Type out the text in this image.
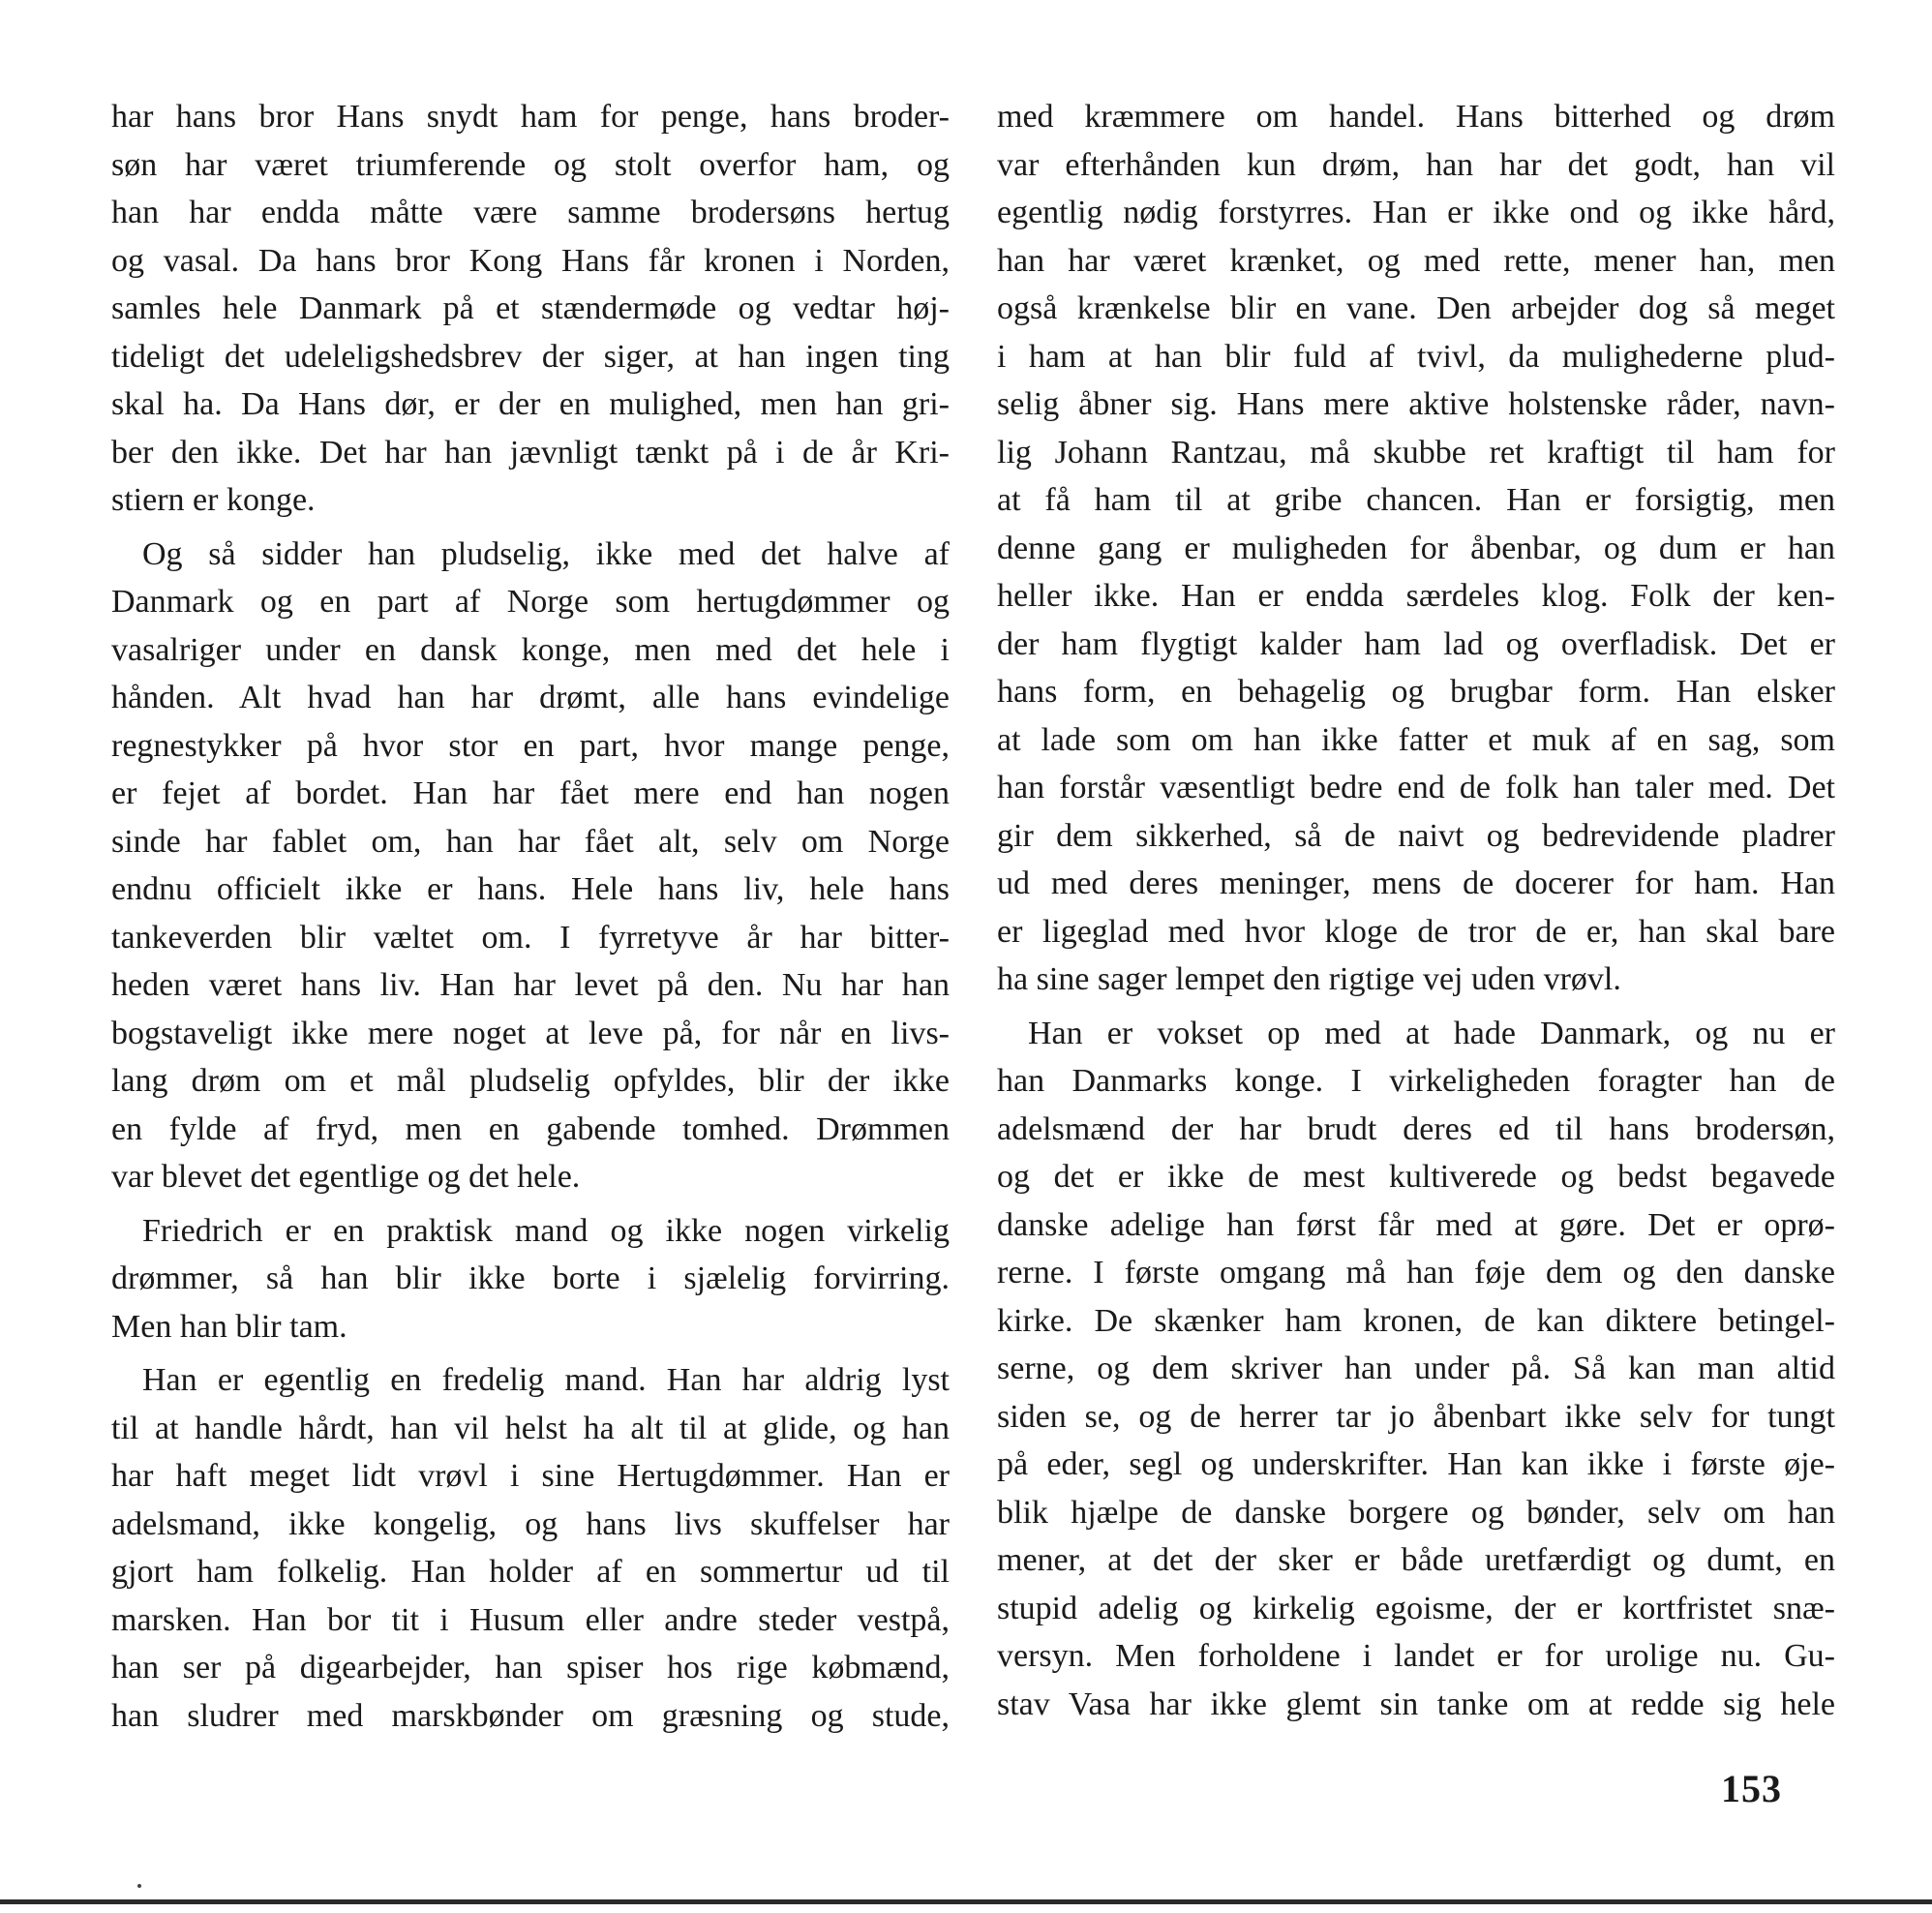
har hans bror Hans snydt ham for penge, hans broder-
søn har været triumferende og stolt overfor ham, og
han har endda måtte være samme brodersøns hertug
og vasal. Da hans bror Kong Hans får kronen i Norden,
samles hele Danmark på et stændermøde og vedtar høj-
tideligt det udeleligshedsbrev der siger, at han ingen ting
skal ha. Da Hans dør, er der en mulighed, men han gri-
ber den ikke. Det har han jævnligt tænkt på i de år Kri-
stiern er konge.
Og så sidder han pludselig, ikke med det halve af
Danmark og en part af Norge som hertugdømmer og
vasalriger under en dansk konge, men med det hele i
hånden. Alt hvad han har drømt, alle hans evindelige
regnestykker på hvor stor en part, hvor mange penge,
er fejet af bordet. Han har fået mere end han nogen
sinde har fablet om, han har fået alt, selv om Norge
endnu officielt ikke er hans. Hele hans liv, hele hans
tankeverden blir væltet om. I fyrretyve år har bitter-
heden været hans liv. Han har levet på den. Nu har han
bogstaveligt ikke mere noget at leve på, for når en livs-
lang drøm om et mål pludselig opfyldes, blir der ikke
en fylde af fryd, men en gabende tomhed. Drømmen
var blevet det egentlige og det hele.
Friedrich er en praktisk mand og ikke nogen virkelig
drømmer, så han blir ikke borte i sjælelig forvirring.
Men han blir tam.
Han er egentlig en fredelig mand. Han har aldrig lyst
til at handle hårdt, han vil helst ha alt til at glide, og han
har haft meget lidt vrøvl i sine Hertugdømmer. Han er
adelsmand, ikke kongelig, og hans livs skuffelser har
gjort ham folkelig. Han holder af en sommertur ud til
marsken. Han bor tit i Husum eller andre steder vestpå,
han ser på digearbejder, han spiser hos rige købmænd,
han sludrer med marskbønder om græsning og stude,
med kræmmere om handel. Hans bitterhed og drøm
var efterhånden kun drøm, han har det godt, han vil
egentlig nødig forstyrres. Han er ikke ond og ikke hård,
han har været krænket, og med rette, mener han, men
også krænkelse blir en vane. Den arbejder dog så meget
i ham at han blir fuld af tvivl, da mulighederne plud-
selig åbner sig. Hans mere aktive holstenske råder, navn-
lig Johann Rantzau, må skubbe ret kraftigt til ham for
at få ham til at gribe chancen. Han er forsigtig, men
denne gang er muligheden for åbenbar, og dum er han
heller ikke. Han er endda særdeles klog. Folk der ken-
der ham flygtigt kalder ham lad og overfladisk. Det er
hans form, en behagelig og brugbar form. Han elsker
at lade som om han ikke fatter et muk af en sag, som
han forstår væsentligt bedre end de folk han taler med. Det
gir dem sikkerhed, så de naivt og bedrevidende pladrer
ud med deres meninger, mens de docerer for ham. Han
er ligeglad med hvor kloge de tror de er, han skal bare
ha sine sager lempet den rigtige vej uden vrøvl.
Han er vokset op med at hade Danmark, og nu er
han Danmarks konge. I virkeligheden foragter han de
adelsmænd der har brudt deres ed til hans brodersøn,
og det er ikke de mest kultiverede og bedst begavede
danske adelige han først får med at gøre. Det er oprø-
rerne. I første omgang må han føje dem og den danske
kirke. De skænker ham kronen, de kan diktere betingel-
serne, og dem skriver han under på. Så kan man altid
siden se, og de herrer tar jo åbenbart ikke selv for tungt
på eder, segl og underskrifter. Han kan ikke i første øje-
blik hjælpe de danske borgere og bønder, selv om han
mener, at det der sker er både uretfærdigt og dumt, en
stupid adelig og kirkelig egoisme, der er kortfristet snæ-
versyn. Men forholdene i landet er for urolige nu. Gu-
stav Vasa har ikke glemt sin tanke om at redde sig hele
153
